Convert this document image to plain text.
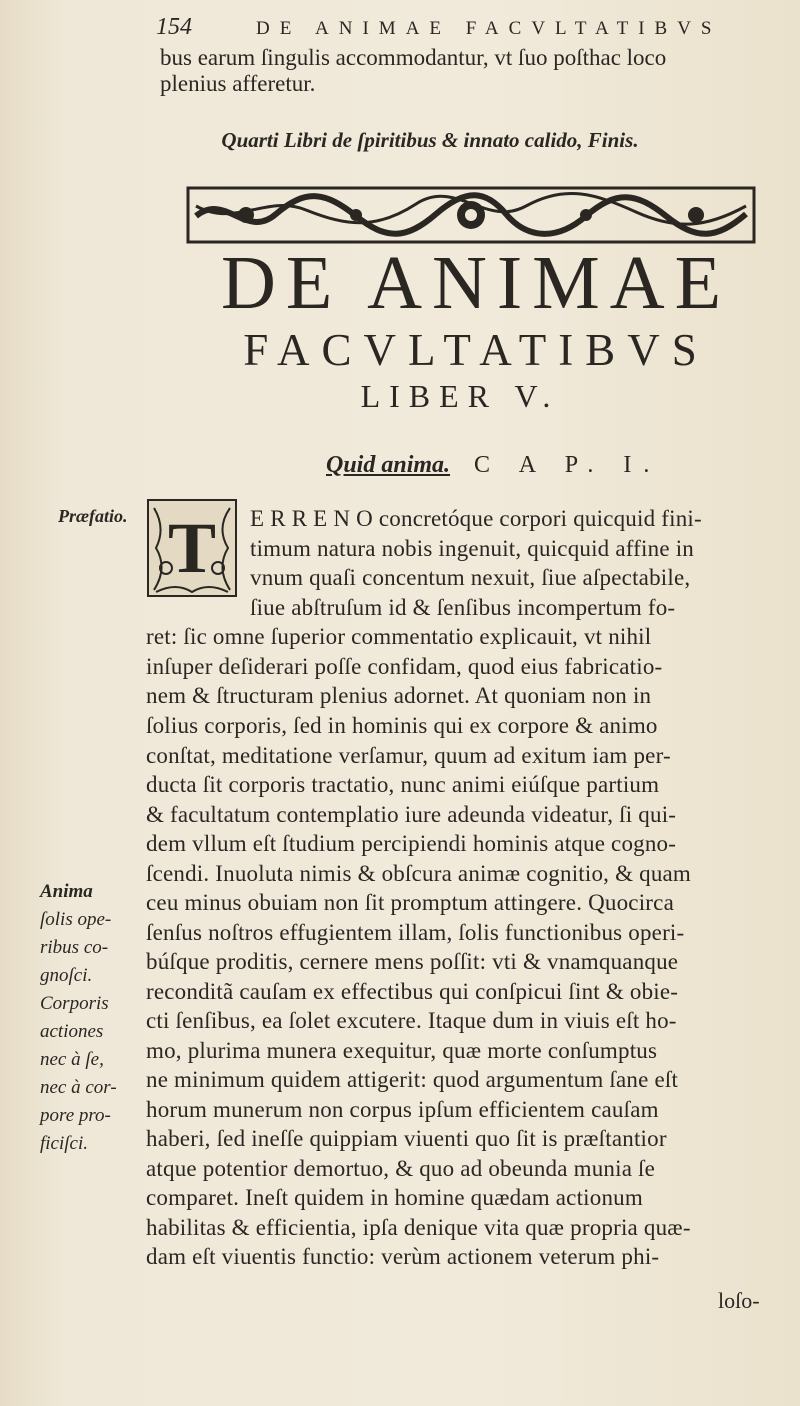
154	DE ANIMAE FACVLTATIBVS
bus earum ſingulis accommodantur, vt ſuo poſthac loco
plenius afferetur.
Quarti Libri de ſpiritibus & innato calido, Finis.
DE ANIMAE
FACVLTATIBVS
LIBER V.
Quid anima. C A P. I.
Præfatio. T E R R E N O concretóque corpori quicquid fini-
timum natura nobis ingenuit, quicquid affine in
vnum quaſi concentum nexuit, ſiue aſpectabile,
ſiue abſtruſum id & ſenſibus incompertum fo-
ret: ſic omne ſuperior commentatio explicauit, vt nihil
inſuper deſiderari poſſe confidam, quod eius fabricatio-
nem & ſtructuram plenius adornet. At quoniam non in
ſolius corporis, ſed in hominis qui ex corpore & animo
conſtat, meditatione verſamur, quum ad exitum iam per-
ducta ſit corporis tractatio, nunc animi eiúſque partium
& facultatum contemplatio iure adeunda videatur, ſi qui-
dem vllum eſt ſtudium percipiendi hominis atque cogno-
ſcendi. Inuoluta nimis & obſcura animæ cognitio, & quam
ceu minus obuiam non ſit promptum attingere. Quocirca
ſenſus noſtros effugientem illam, ſolis functionibus operi-
búſque proditis, cernere mens poſſit: vti & vnamquanque
reconditã cauſam ex effectibus qui conſpicui ſint & obie-
cti ſenſibus, ea ſolet excutere. Itaque dum in viuis eſt ho-
mo, plurima munera exequitur, quæ morte conſumptus
ne minimum quidem attigerit: quod argumentum ſane eſt
horum munerum non corpus ipſum efficientem cauſam
haberi, ſed ineſſe quippiam viuenti quo ſit is præſtantior
atque potentior demortuo, & quo ad obeunda munia ſe
comparet. Ineſt quidem in homine quædam actionum
habilitas & efficientia, ipſa denique vita quæ propria quæ-
dam eſt viuentis functio: verùm actionem veterum phi-
Anima
ſolis ope-
ribus co-
gnoſci.
Corporis
actiones
nec à ſe,
nec à cor-
pore pro-
ficiſci.
loſo-
